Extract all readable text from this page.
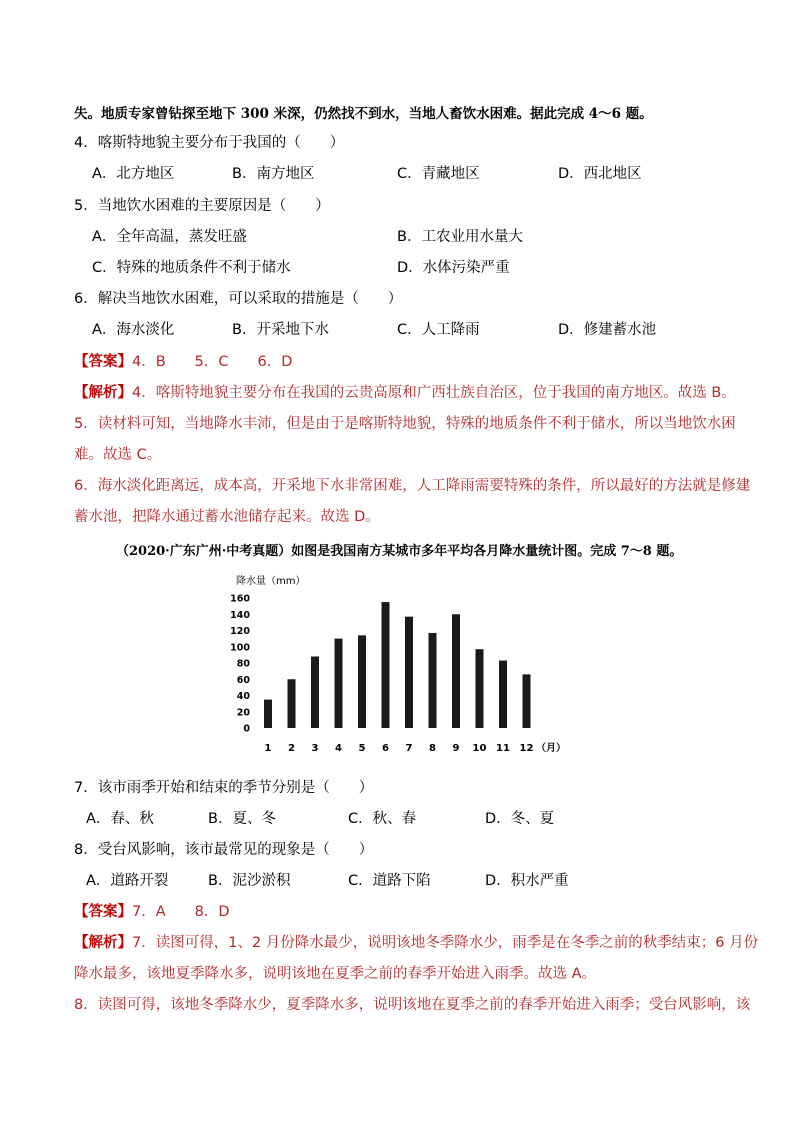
失。地质专家曾钻探至地下 300 米深，仍然找不到水，当地人畜饮水困难。据此完成 4～6 题。
4．喀斯特地貌主要分布于我国的（　　）
A．北方地区	B．南方地区	C．青藏地区	D．西北地区
5．当地饮水困难的主要原因是（　　）
A．全年高温，蒸发旺盛	B．工农业用水量大
C．特殊的地质条件不利于储水	D．水体污染严重
6．解决当地饮水困难，可以采取的措施是（　　）
A．海水淡化	B．开采地下水	C．人工降雨	D．修建蓄水池
【答案】4．B　　5．C　　6．D
【解析】4．喀斯特地貌主要分布在我国的云贵高原和广西壮族自治区，位于我国的南方地区。故选 B。
5．读材料可知，当地降水丰沛，但是由于是喀斯特地貌，特殊的地质条件不利于储水，所以当地饮水困
难。故选 C。
6．海水淡化距离远，成本高，开采地下水非常困难，人工降雨需要特殊的条件，所以最好的方法就是修建
蓄水池，把降水通过蓄水池储存起来。故选 D。
（2020·广东广州·中考真题）如图是我国南方某城市多年平均各月降水量统计图。完成 7～8 题。
降水量（mm）
0
20
40
60
80
100
120
140
160
1 2 3 4 5 6 7 8 9 10 11 12 （月）
7．该市雨季开始和结束的季节分别是（　　）
A．春、秋	B．夏、冬	C．秋、春	D．冬、夏
8．受台风影响，该市最常见的现象是（　　）
A．道路开裂	B．泥沙淤积	C．道路下陷	D．积水严重
【答案】7．A　　8．D
【解析】7．读图可得，1、2 月份降水最少，说明该地冬季降水少，雨季是在冬季之前的秋季结束；6 月份
降水最多，该地夏季降水多，说明该地在夏季之前的春季开始进入雨季。故选 A。
8．读图可得，该地冬季降水少，夏季降水多，说明该地在夏季之前的春季开始进入雨季；受台风影响，该
